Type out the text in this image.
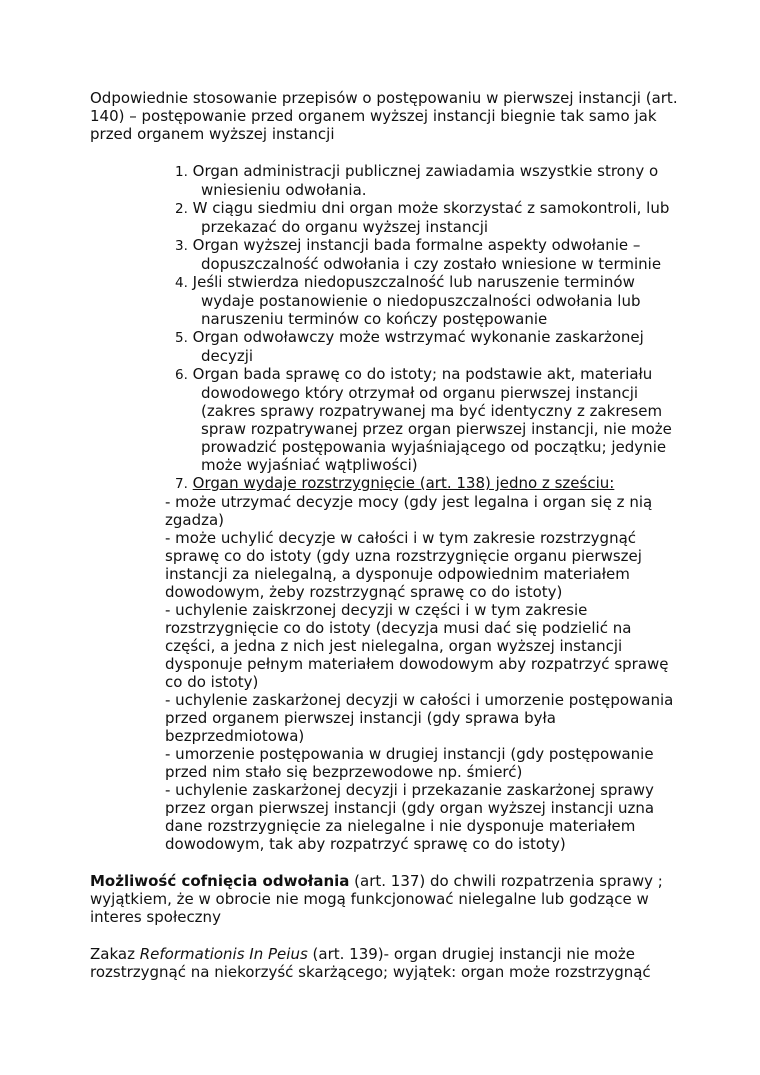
Odpowiednie stosowanie przepisów o postępowaniu w pierwszej instancji (art. 140) – postępowanie przed organem wyższej instancji biegnie tak samo jak przed organem wyższej instancji

1. Organ administracji publicznej zawiadamia wszystkie strony o wniesieniu odwołania.
2. W ciągu siedmiu dni organ może skorzystać z samokontroli, lub przekazać do organu wyższej instancji
3. Organ wyższej instancji bada formalne aspekty odwołanie – dopuszczalność odwołania i czy zostało wniesione w terminie
4. Jeśli stwierdza niedopuszczalność lub naruszenie terminów wydaje postanowienie o niedopuszczalności odwołania lub naruszeniu terminów co kończy postępowanie
5. Organ odwoławczy może wstrzymać wykonanie zaskarżonej decyzji
6. Organ bada sprawę co do istoty; na podstawie akt, materiału dowodowego który otrzymał od organu pierwszej instancji (zakres sprawy rozpatrywanej ma być identyczny z zakresem spraw rozpatrywanej przez organ pierwszej instancji, nie może prowadzić postępowania wyjaśniającego od początku; jedynie może wyjaśniać wątpliwości)
7. Organ wydaje rozstrzygnięcie (art. 138) jedno z sześciu:
- może utrzymać decyzje mocy (gdy jest legalna i organ się z nią zgadza)
- może uchylić decyzje w całości i w tym zakresie rozstrzygnąć sprawę co do istoty (gdy uzna rozstrzygnięcie organu pierwszej instancji za nielegalną, a dysponuje odpowiednim materiałem dowodowym, żeby rozstrzygnąć sprawę co do istoty)
- uchylenie zaiskrzonej decyzji w części i w tym zakresie rozstrzygnięcie co do istoty (decyzja musi dać się podzielić na części, a jedna z nich jest nielegalna, organ wyższej instancji dysponuje pełnym materiałem dowodowym aby rozpatrzyć sprawę co do istoty)
- uchylenie zaskarżonej decyzji w całości i umorzenie postępowania przed organem pierwszej instancji (gdy sprawa była bezprzedmiotowa)
- umorzenie postępowania w drugiej instancji (gdy postępowanie przed nim stało się bezprzewodowe np. śmierć)
- uchylenie zaskarżonej decyzji i przekazanie zaskarżonej sprawy przez organ pierwszej instancji (gdy organ wyższej instancji uzna dane rozstrzygnięcie za nielegalne i nie dysponuje materiałem dowodowym, tak aby rozpatrzyć sprawę co do istoty)

Możliwość cofnięcia odwołania (art. 137) do chwili rozpatrzenia sprawy ; wyjątkiem, że w obrocie nie mogą funkcjonować nielegalne lub godzące w interes społeczny

Zakaz Reformationis In Peius (art. 139)- organ drugiej instancji nie może rozstrzygnąć na niekorzyść skarżącego; wyjątek: organ może rozstrzygnąć
